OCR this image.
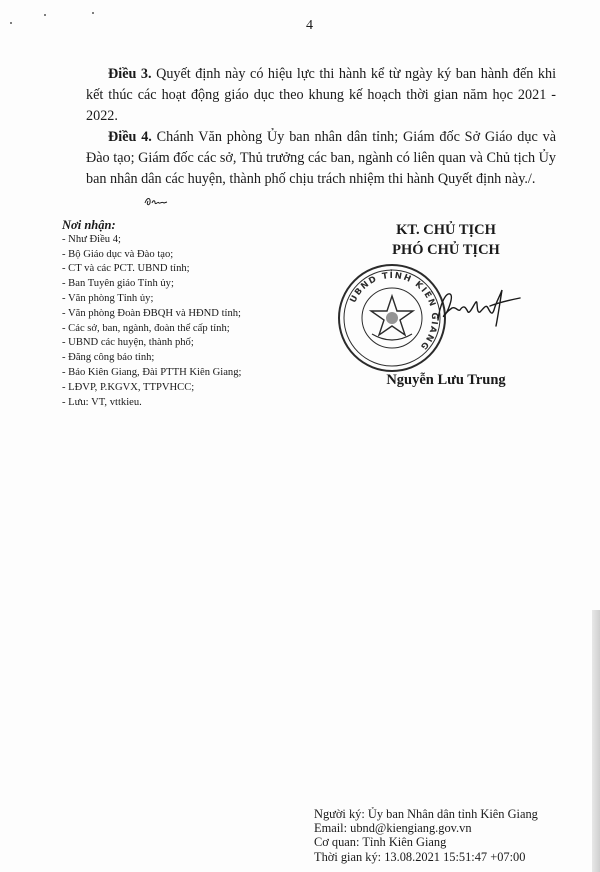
4
Điều 3. Quyết định này có hiệu lực thi hành kể từ ngày ký ban hành đến khi kết thúc các hoạt động giáo dục theo khung kế hoạch thời gian năm học 2021 - 2022.
Điều 4. Chánh Văn phòng Ủy ban nhân dân tỉnh; Giám đốc Sở Giáo dục và Đào tạo; Giám đốc các sở, Thủ trưởng các ban, ngành có liên quan và Chủ tịch Ủy ban nhân dân các huyện, thành phố chịu trách nhiệm thi hành Quyết định này./.
Nơi nhận:
- Như Điều 4;
- Bộ Giáo dục và Đào tạo;
- CT và các PCT. UBND tỉnh;
- Ban Tuyên giáo Tỉnh ủy;
- Văn phòng Tỉnh ủy;
- Văn phòng Đoàn ĐBQH và HĐND tỉnh;
- Các sở, ban, ngành, đoàn thể cấp tỉnh;
- UBND các huyện, thành phố;
- Đăng công báo tỉnh;
- Báo Kiên Giang, Đài PTTH Kiên Giang;
- LĐVP, P.KGVX, TTPVHCC;
- Lưu: VT, vttkieu.
KT. CHỦ TỊCH
PHÓ CHỦ TỊCH
UBND TỈNH KIÊN GIANG
Nguyễn Lưu Trung
Người ký: Ủy ban Nhân dân tỉnh Kiên Giang
Email: ubnd@kiengiang.gov.vn
Cơ quan: Tỉnh Kiên Giang
Thời gian ký: 13.08.2021 15:51:47 +07:00
